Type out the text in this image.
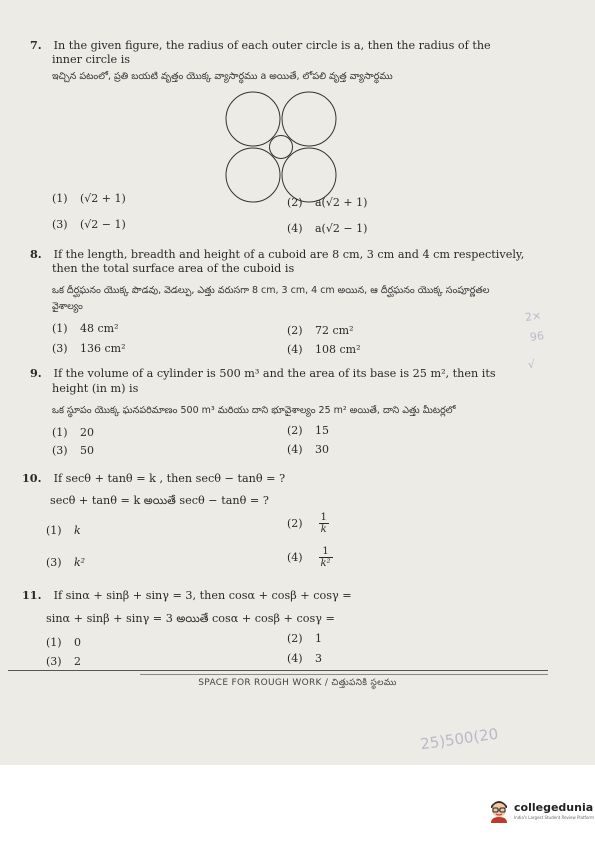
7. In the given figure, the radius of each outer circle is a, then the radius of the
inner circle is
ఇచ్చిన పటంలో, ప్రతి బయటి వృత్తం యొక్క వ్యాసార్ధము a అయితే, లోపలి వృత్త వ్యాసార్ధము
(1) (√2 + 1)	(2) a(√2 + 1)
(3) (√2 − 1)	(4) a(√2 − 1)
8. If the length, breadth and height of a cuboid are 8 cm, 3 cm and 4 cm respectively,
then the total surface area of the cuboid is
ఒక దీర్ఘఘనం యొక్క పొడవు, వెడల్పు, ఎత్తు వరుసగా 8 cm, 3 cm, 4 cm అయిన, ఆ దీర్ఘఘనం యొక్క సంపూర్ణతల
వైశాల్యం
(1) 48 cm²	(2) 72 cm²
(3) 136 cm²	(4) 108 cm²
9. If the volume of a cylinder is 500 m³ and the area of its base is 25 m², then its
height (in m) is
ఒక స్థూపం యొక్క ఘనపరిమాణం 500 m³ మరియు దాని భూవైశాల్యం 25 m² అయితే, దాని ఎత్తు మీటర్లలో
(1) 20	(2) 15
(3) 50	(4) 30
10. If secθ + tanθ = k , then secθ − tanθ = ?
secθ + tanθ = k అయితే secθ − tanθ = ?
(1) k
$(2) \frac{1}{k}$
(3) k²	$(4) \frac{1}{\text{k²}}$
11. If sinα + sinβ + sinγ = 3, then cosα + cosβ + cosγ =
sinα + sinβ + sinγ = 3 అయితే cosα + cosβ + cosγ =
(1) 0	(2) 1
(3) 2	(4) 3
SPACE FOR ROUGH WORK / చిత్తుపనికి స్థలము
2×
96
√
25)500(20
collegedunia
India's Largest Student Review Platform
